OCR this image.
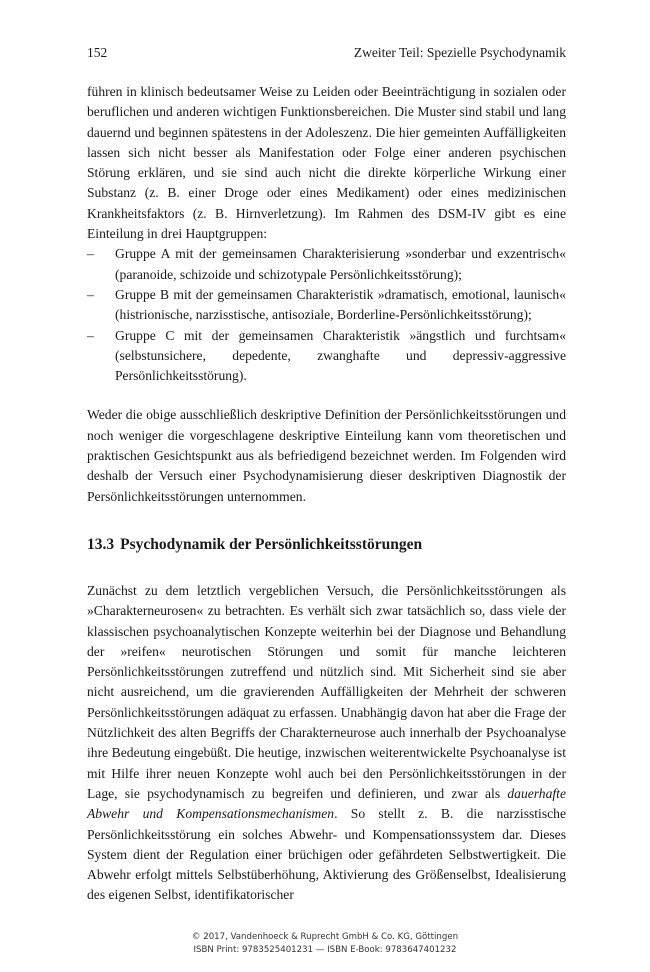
152	Zweiter Teil: Spezielle Psychodynamik

führen in klinisch bedeutsamer Weise zu Leiden oder Beeinträchtigung in sozialen oder beruflichen und anderen wichtigen Funktionsbereichen. Die Muster sind stabil und lang dauernd und beginnen spätestens in der Adoleszenz. Die hier gemeinten Auffälligkeiten lassen sich nicht besser als Manifestation oder Folge einer anderen psychischen Störung erklären, und sie sind auch nicht die direkte körperliche Wirkung einer Substanz (z. B. einer Droge oder eines Medikament) oder eines medizinischen Krankheitsfaktors (z. B. Hirnverletzung). Im Rahmen des DSM-IV gibt es eine Einteilung in drei Hauptgruppen:

– Gruppe A mit der gemeinsamen Charakterisierung »sonderbar und exzentrisch« (paranoide, schizoide und schizotypale Persönlichkeitsstörung);
– Gruppe B mit der gemeinsamen Charakteristik »dramatisch, emotional, launisch« (histrionische, narzisstische, antisoziale, Borderline-Persönlichkeitsstörung);
– Gruppe C mit der gemeinsamen Charakteristik »ängstlich und furchtsam« (selbstunsichere, depedente, zwanghafte und depressiv-aggressive Persönlichkeitsstörung).

Weder die obige ausschließlich deskriptive Definition der Persönlichkeitsstörungen und noch weniger die vorgeschlagene deskriptive Einteilung kann vom theoretischen und praktischen Gesichtspunkt aus als befriedigend bezeichnet werden. Im Folgenden wird deshalb der Versuch einer Psychodynamisierung dieser deskriptiven Diagnostik der Persönlichkeitsstörungen unternommen.

13.3 Psychodynamik der Persönlichkeitsstörungen

Zunächst zu dem letztlich vergeblichen Versuch, die Persönlichkeitsstörungen als »Charakterneurosen« zu betrachten. Es verhält sich zwar tatsächlich so, dass viele der klassischen psychoanalytischen Konzepte weiterhin bei der Diagnose und Behandlung der »reifen« neurotischen Störungen und somit für manche leichteren Persönlichkeitsstörungen zutreffend und nützlich sind. Mit Sicherheit sind sie aber nicht ausreichend, um die gravierenden Auffälligkeiten der Mehrheit der schweren Persönlichkeitsstörungen adäquat zu erfassen. Unabhängig davon hat aber die Frage der Nützlichkeit des alten Begriffs der Charakterneurose auch innerhalb der Psychoanalyse ihre Bedeutung eingebüßt. Die heutige, inzwischen weiterentwickelte Psychoanalyse ist mit Hilfe ihrer neuen Konzepte wohl auch bei den Persönlichkeitsstörungen in der Lage, sie psychodynamisch zu begreifen und definieren, und zwar als dauerhafte Abwehr und Kompensationsmechanismen. So stellt z. B. die narzisstische Persönlichkeitsstörung ein solches Abwehr- und Kompensationssystem dar. Dieses System dient der Regulation einer brüchigen oder gefährdeten Selbstwertigkeit. Die Abwehr erfolgt mittels Selbstüberhöhung, Aktivierung des Größenselbst, Idealisierung des eigenen Selbst, identifikatorischer

© 2017, Vandenhoeck & Ruprecht GmbH & Co. KG, Göttingen
ISBN Print: 9783525401231 — ISBN E-Book: 9783647401232
